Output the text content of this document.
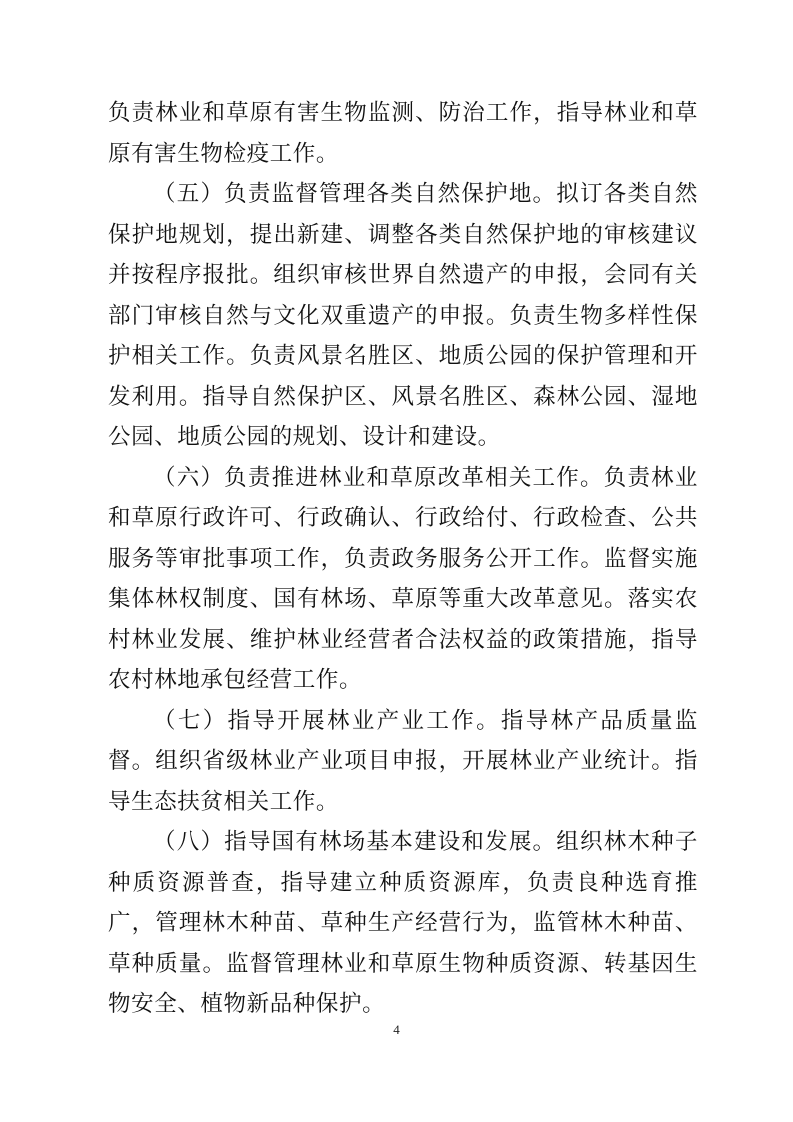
负责林业和草原有害生物监测、防治工作，指导林业和草原有害生物检疫工作。

（五）负责监督管理各类自然保护地。拟订各类自然保护地规划，提出新建、调整各类自然保护地的审核建议并按程序报批。组织审核世界自然遗产的申报，会同有关部门审核自然与文化双重遗产的申报。负责生物多样性保护相关工作。负责风景名胜区、地质公园的保护管理和开发利用。指导自然保护区、风景名胜区、森林公园、湿地公园、地质公园的规划、设计和建设。

（六）负责推进林业和草原改革相关工作。负责林业和草原行政许可、行政确认、行政给付、行政检查、公共服务等审批事项工作，负责政务服务公开工作。监督实施集体林权制度、国有林场、草原等重大改革意见。落实农村林业发展、维护林业经营者合法权益的政策措施，指导农村林地承包经营工作。

（七）指导开展林业产业工作。指导林产品质量监督。组织省级林业产业项目申报，开展林业产业统计。指导生态扶贫相关工作。

（八）指导国有林场基本建设和发展。组织林木种子种质资源普查，指导建立种质资源库，负责良种选育推广，管理林木种苗、草种生产经营行为，监管林木种苗、草种质量。监督管理林业和草原生物种质资源、转基因生物安全、植物新品种保护。

4
